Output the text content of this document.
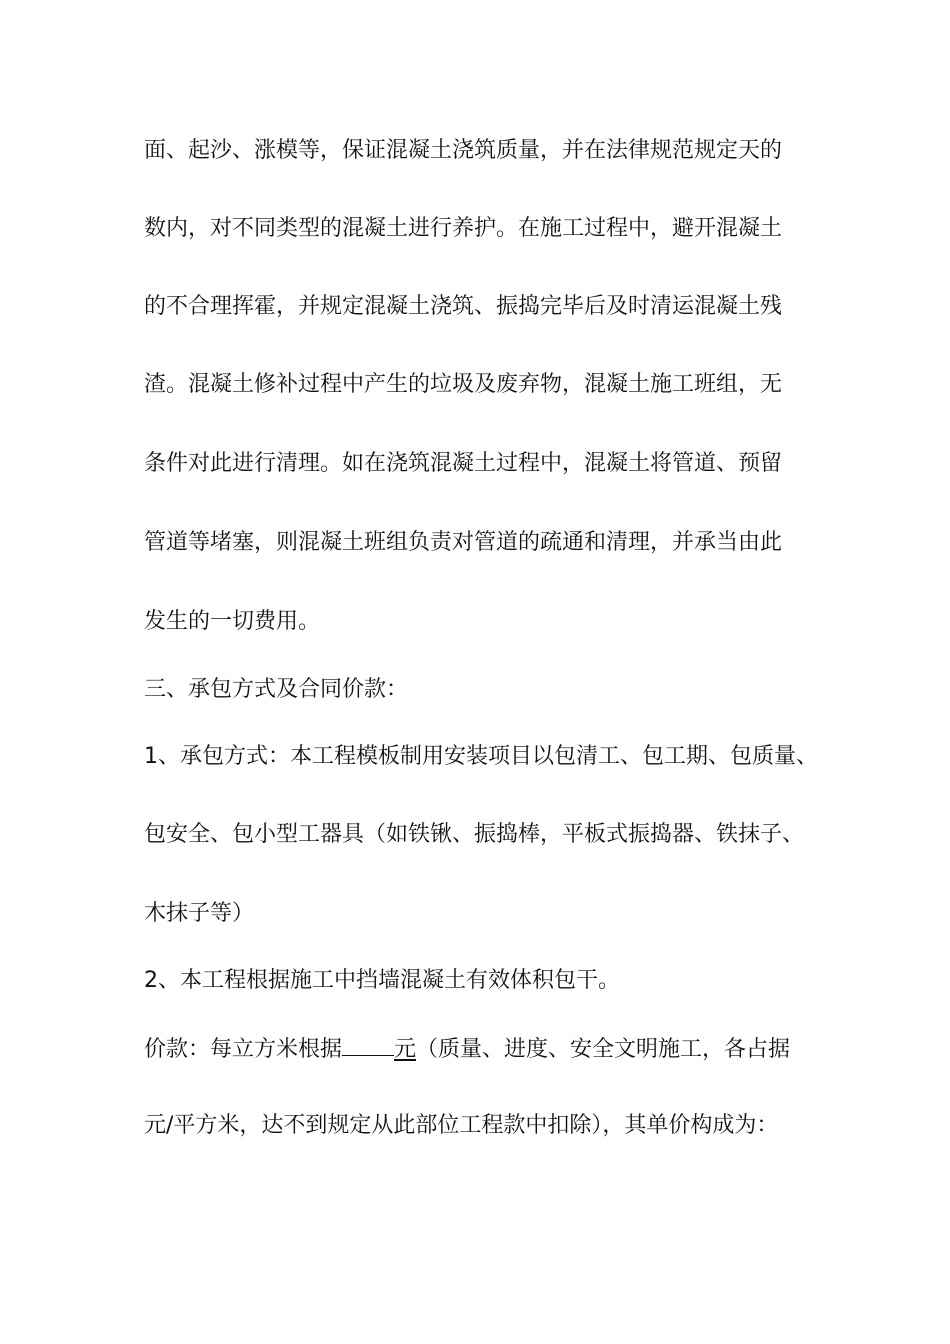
面、起沙、涨模等，保证混凝土浇筑质量，并在法律规范规定天的
数内，对不同类型的混凝土进行养护。在施工过程中，避开混凝土
的不合理挥霍，并规定混凝土浇筑、振捣完毕后及时清运混凝土残
渣。混凝土修补过程中产生的垃圾及废弃物，混凝土施工班组，无
条件对此进行清理。如在浇筑混凝土过程中，混凝土将管道、预留
管道等堵塞，则混凝土班组负责对管道的疏通和清理，并承当由此
发生的一切费用。
三、承包方式及合同价款：
1、承包方式：本工程模板制用安装项目以包清工、包工期、包质量、
包安全、包小型工器具（如铁锹、振捣棒，平板式振捣器、铁抹子、
木抹子等）
2、本工程根据施工中挡墙混凝土有效体积包干。
价款：每立方米根据 元（质量、进度、安全文明施工，各占据
元/平方米，达不到规定从此部位工程款中扣除），其单价构成为：
